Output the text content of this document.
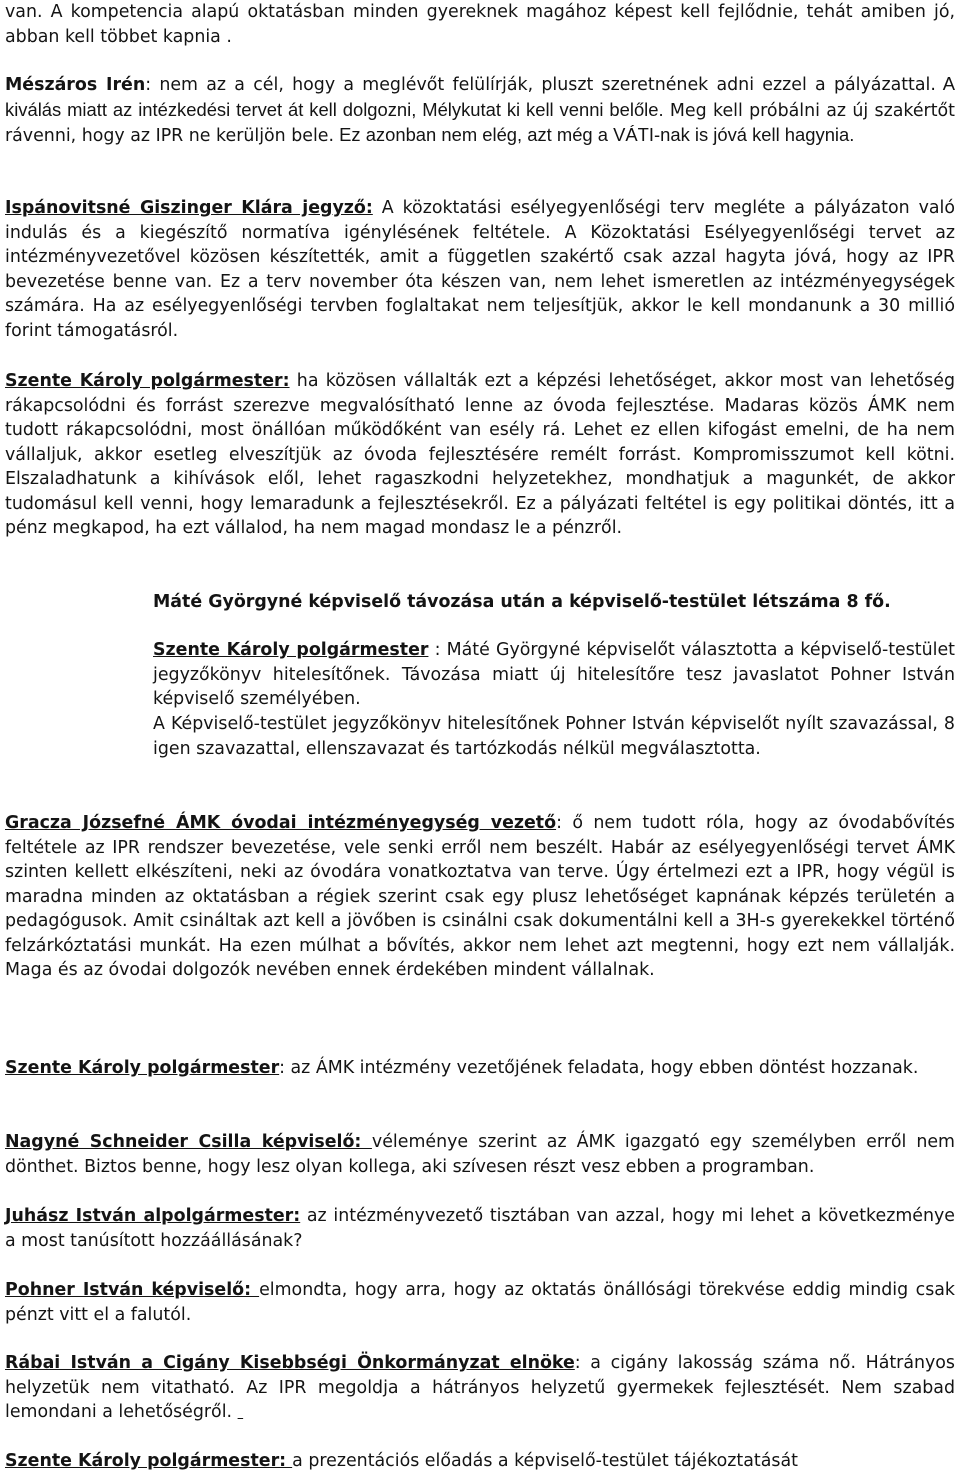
van. A kompetencia alapú oktatásban minden gyereknek magához képest kell fejlődnie, tehát amiben jó, abban kell többet kapnia .

Mészáros Irén: nem az a cél, hogy a meglévőt felülírják, pluszt szeretnének adni ezzel a pályázattal. A kiválás miatt az intézkedési tervet át kell dolgozni, Mélykutat ki kell venni belőle. Meg kell próbálni az új szakértőt rávenni, hogy az IPR ne kerüljön bele. Ez azonban nem elég, azt még a VÁTI-nak is jóvá kell hagynia.

Ispánovitsné Giszinger Klára jegyző: A közoktatási esélyegyenlőségi terv megléte a pályázaton való indulás és a kiegészítő normatíva igénylésének feltétele. A Közoktatási Esélyegyenlőségi tervet az intézményvezetővel közösen készítették, amit a független szakértő csak azzal hagyta jóvá, hogy az IPR bevezetése benne van. Ez a terv november óta készen van, nem lehet ismeretlen az intézményegységek számára. Ha az esélyegyenlőségi tervben foglaltakat nem teljesítjük, akkor le kell mondanunk a 30 millió forint támogatásról.

Szente Károly polgármester: ha közösen vállalták ezt a képzési lehetőséget, akkor most van lehetőség rákapcsolódni és forrást szerezve megvalósítható lenne az óvoda fejlesztése. Madaras közös ÁMK nem tudott rákapcsolódni, most önállóan működőként van esély rá. Lehet ez ellen kifogást emelni, de ha nem vállaljuk, akkor esetleg elveszítjük az óvoda fejlesztésére remélt forrást. Kompromisszumot kell kötni. Elszaladhatunk a kihívások elől, lehet ragaszkodni helyzetekhez, mondhatjuk a magunkét, de akkor tudomásul kell venni, hogy lemaradunk a fejlesztésekről. Ez a pályázati feltétel is egy politikai döntés, itt a pénz megkapod, ha ezt vállalod, ha nem magad mondasz le a pénzről.

Máté Györgyné képviselő távozása után a képviselő-testület létszáma 8 fő.

Szente Károly polgármester : Máté Györgyné képviselőt választotta a képviselő-testület jegyzőkönyv hitelesítőnek. Távozása miatt új hitelesítőre tesz javaslatot Pohner István képviselő személyében.

A Képviselő-testület jegyzőkönyv hitelesítőnek Pohner István képviselőt nyílt szavazással, 8 igen szavazattal, ellenszavazat és tartózkodás nélkül megválasztotta.

Gracza Józsefné ÁMK óvodai intézményegység vezető: ő nem tudott róla, hogy az óvodabővítés feltétele az IPR rendszer bevezetése, vele senki erről nem beszélt. Habár az esélyegyenlőségi tervet ÁMK szinten kellett elkészíteni, neki az óvodára vonatkoztatva van terve. Úgy értelmezi ezt a IPR, hogy végül is maradna minden az oktatásban a régiek szerint csak egy plusz lehetőséget kapnának képzés területén a pedagógusok. Amit csináltak azt kell a jövőben is csinálni csak dokumentálni kell a 3H-s gyerekekkel történő felzárkóztatási munkát. Ha ezen múlhat a bővítés, akkor nem lehet azt megtenni, hogy ezt nem vállalják. Maga és az óvodai dolgozók nevében ennek érdekében mindent vállalnak.

Szente Károly polgármester: az ÁMK intézmény vezetőjének feladata, hogy ebben döntést hozzanak.

Nagyné Schneider Csilla képviselő: véleménye szerint az ÁMK igazgató egy személyben erről nem dönthet. Biztos benne, hogy lesz olyan kollega, aki szívesen részt vesz ebben a programban.

Juhász István alpolgármester: az intézményvezető tisztában van azzal, hogy mi lehet a következménye a most tanúsított hozzáállásának?

Pohner István képviselő: elmondta, hogy arra, hogy az oktatás önállósági törekvése eddig mindig csak pénzt vitt el a falutól.

Rábai István a Cigány Kisebbségi Önkormányzat elnöke: a cigány lakosság száma nő. Hátrányos helyzetük nem vitatható. Az IPR megoldja a hátrányos helyzetű gyermekek fejlesztését. Nem szabad lemondani a lehetőségről.

Szente Károly polgármester: a prezentációs előadás a képviselő-testület tájékoztatását
